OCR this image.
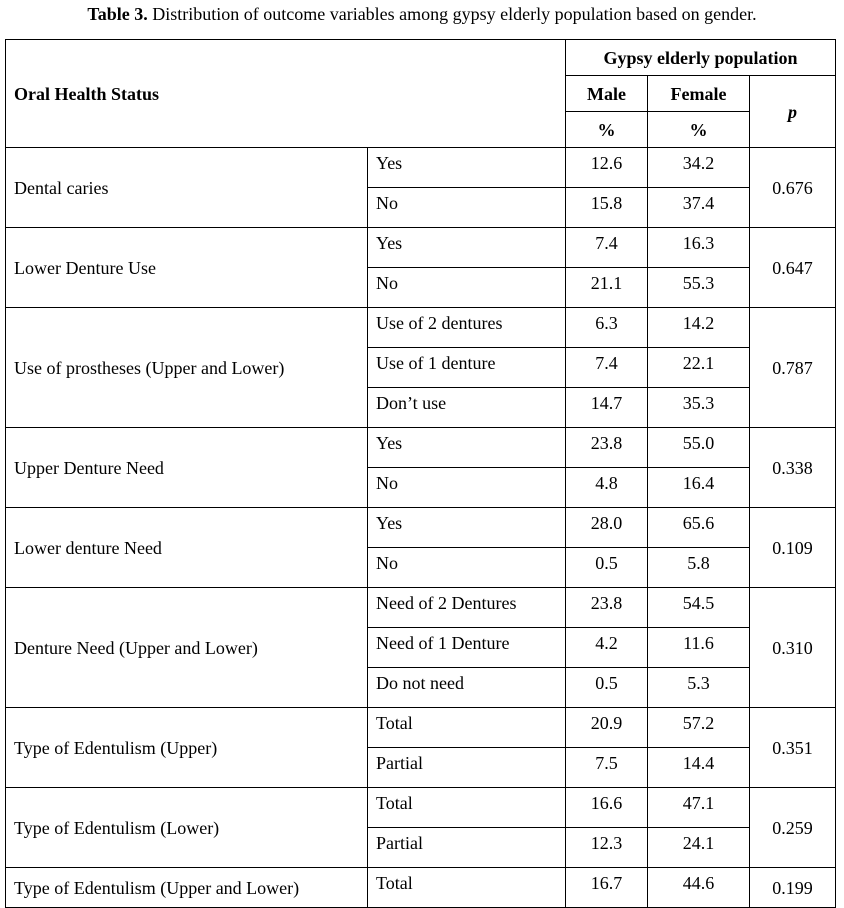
Table 3. Distribution of outcome variables among gypsy elderly population based on gender.
Oral Health Status		Gypsy elderly population		
		Male	Female	p
		%	%	
Dental caries	Yes	12.6	34.2	0.676
	No	15.8	37.4	
Lower Denture Use	Yes	7.4	16.3	0.647
	No	21.1	55.3	
Use of prostheses (Upper and Lower)	Use of 2 dentures	6.3	14.2	0.787
	Use of 1 denture	7.4	22.1	
	Don’t use	14.7	35.3	
Upper Denture Need	Yes	23.8	55.0	0.338
	No	4.8	16.4	
Lower denture Need	Yes	28.0	65.6	0.109
	No	0.5	5.8	
Denture Need (Upper and Lower)	Need of 2 Dentures	23.8	54.5	0.310
	Need of 1 Denture	4.2	11.6	
	Do not need	0.5	5.3	
Type of Edentulism (Upper)	Total	20.9	57.2	0.351
	Partial	7.5	14.4	
Type of Edentulism (Lower)	Total	16.6	47.1	0.259
	Partial	12.3	24.1	
Type of Edentulism (Upper and Lower)	Total	16.7	44.6	0.199
